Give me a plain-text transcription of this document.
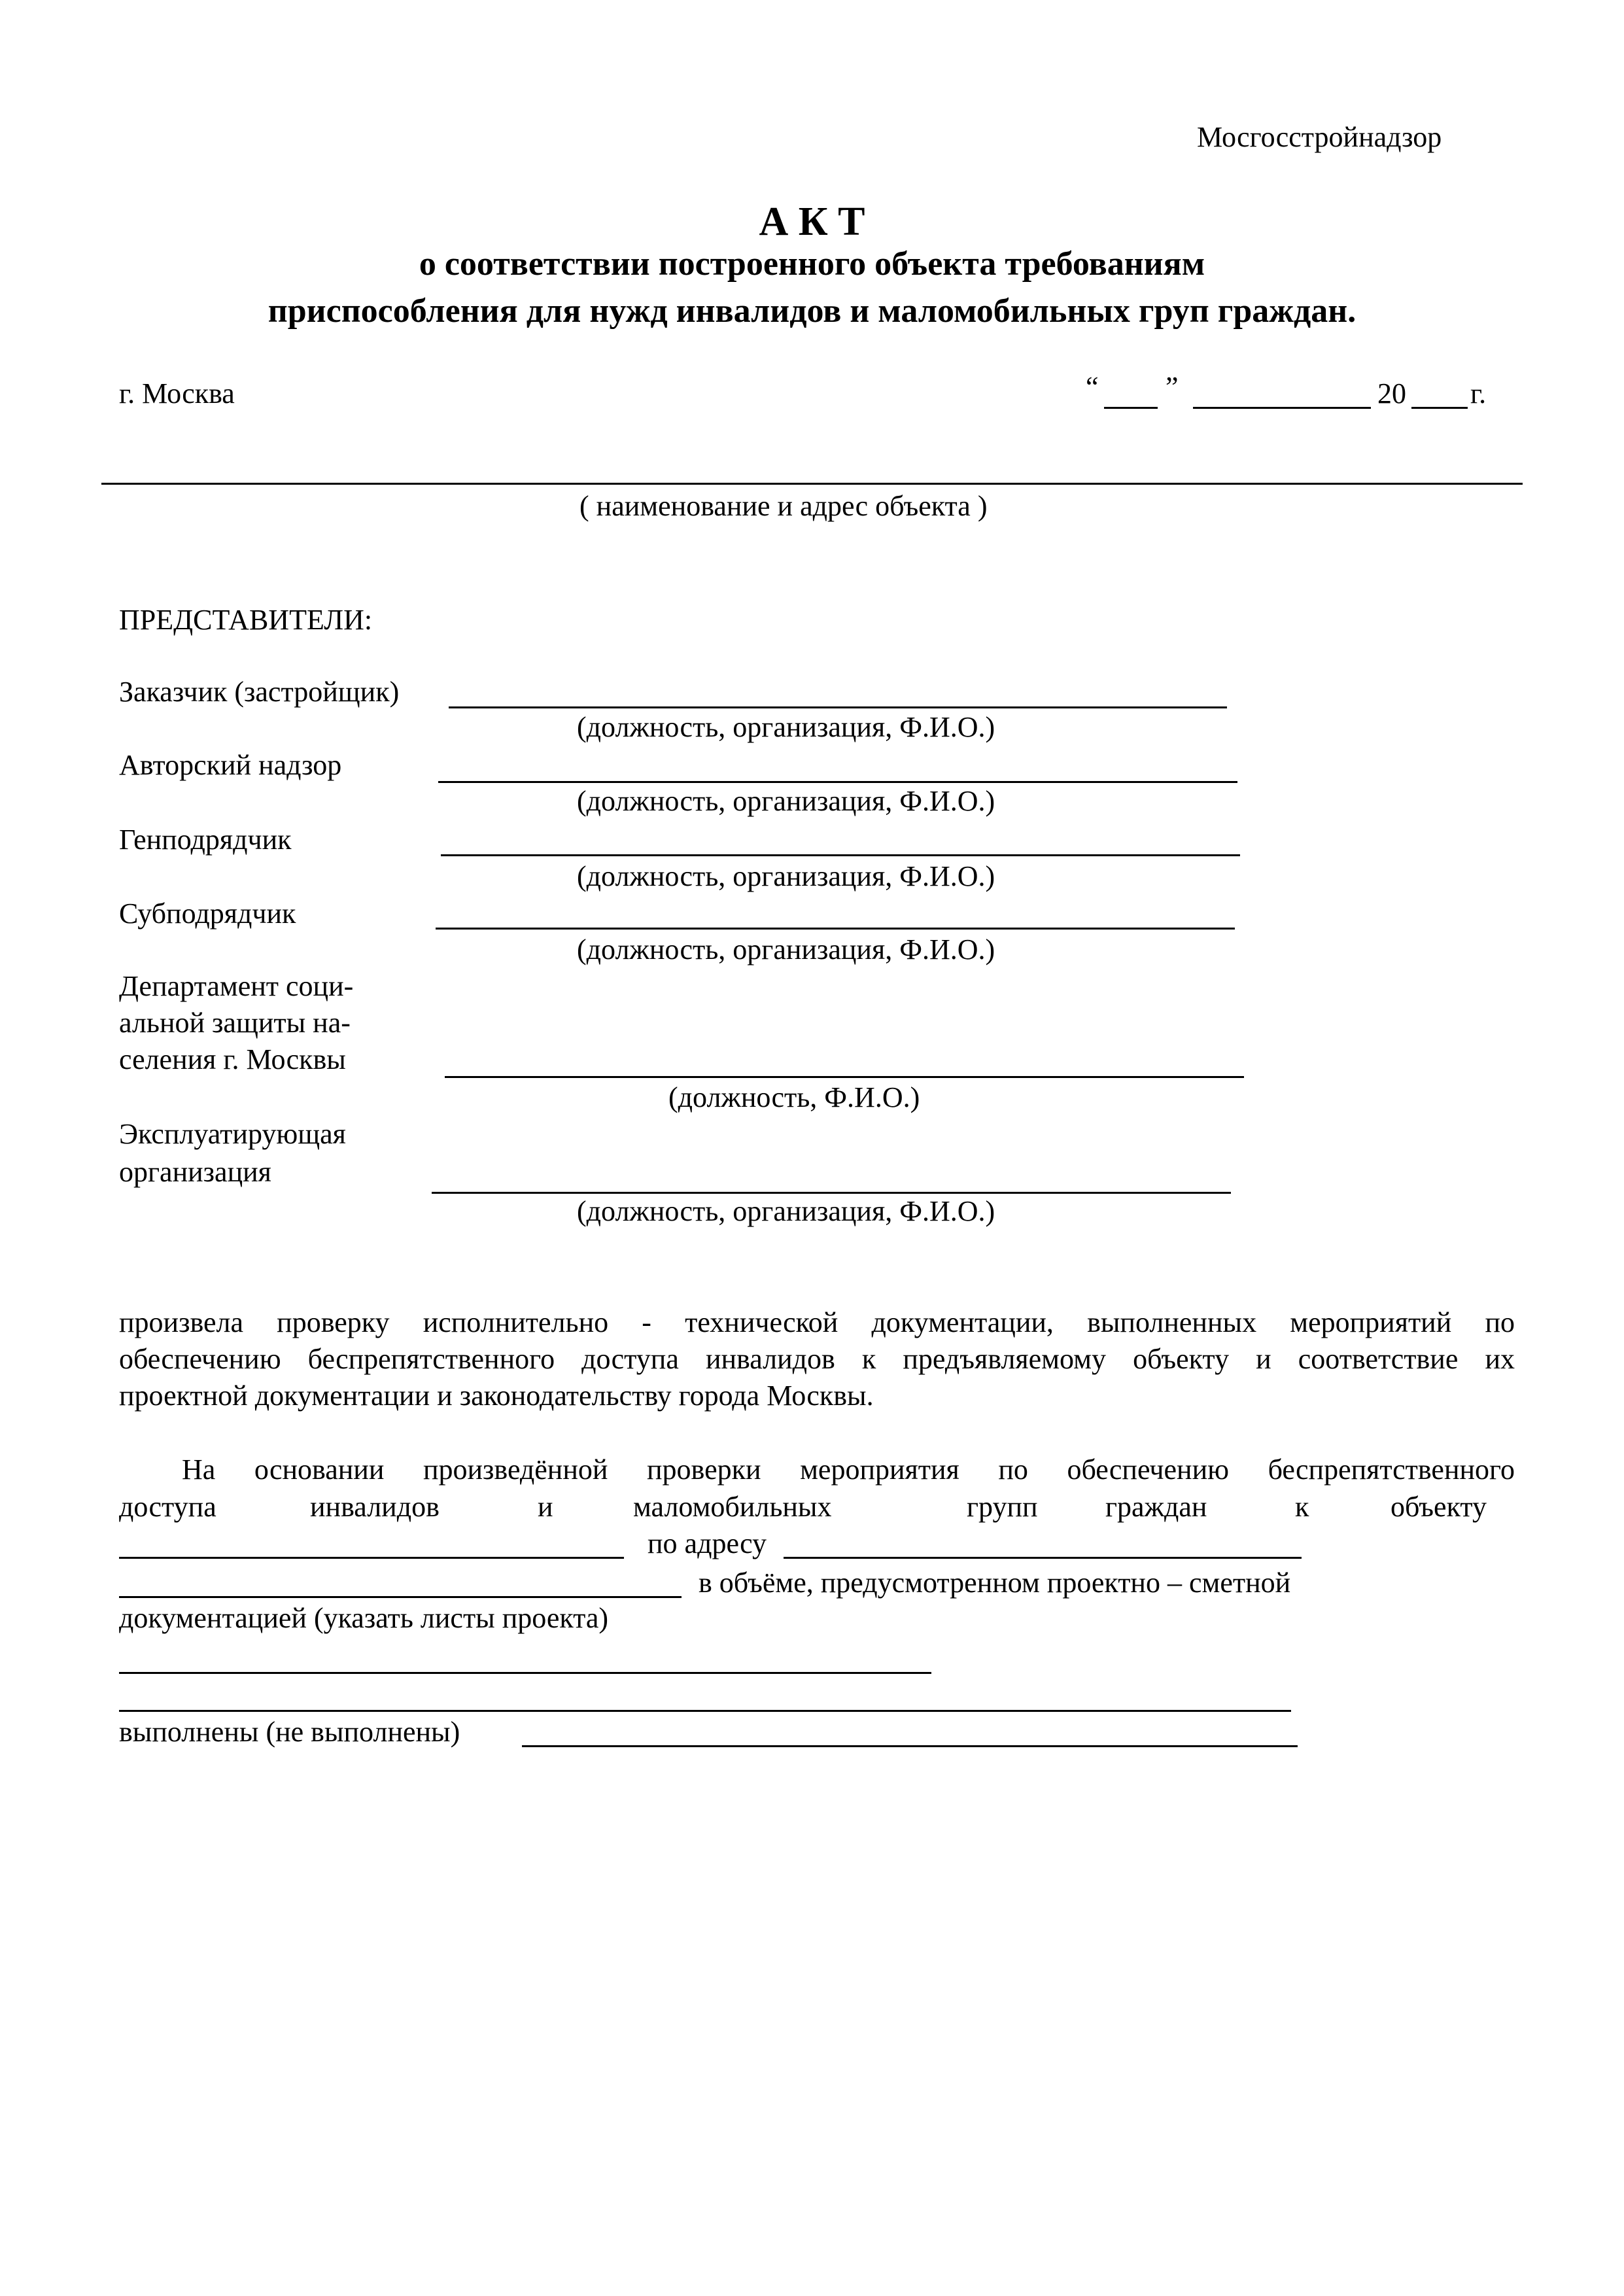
Мосгосстройнадзор
А К Т
о соответствии построенного объекта требованиям
приспособления для нужд инвалидов и маломобильных груп граждан.
г. Москва	“ ”	20 г.
( наименование и адрес объекта )
ПРЕДСТАВИТЕЛИ:
Заказчик (застройщик)
(должность, организация, Ф.И.О.)
Авторский надзор
(должность, организация, Ф.И.О.)
Генподрядчик
(должность, организация, Ф.И.О.)
Субподрядчик
(должность, организация, Ф.И.О.)
Департамент соци-
альной защиты на-
селения г. Москвы
(должность, Ф.И.О.)
Эксплуатирующая
организация
(должность, организация, Ф.И.О.)
произвела проверку исполнительно - технической документации, выполненных мероприятий по
обеспечению беспрепятственного доступа инвалидов к предъявляемому объекту и соответствие их
проектной документации и законодательству города Москвы.
На основании произведённой проверки мероприятия по обеспечению беспрепятственного
доступа	инвалидов	и	маломобильных	групп граждан	к	объекту
по адресу
в объёме, предусмотренном проектно – сметной
документацией (указать листы проекта)
выполнены (не выполнены)
